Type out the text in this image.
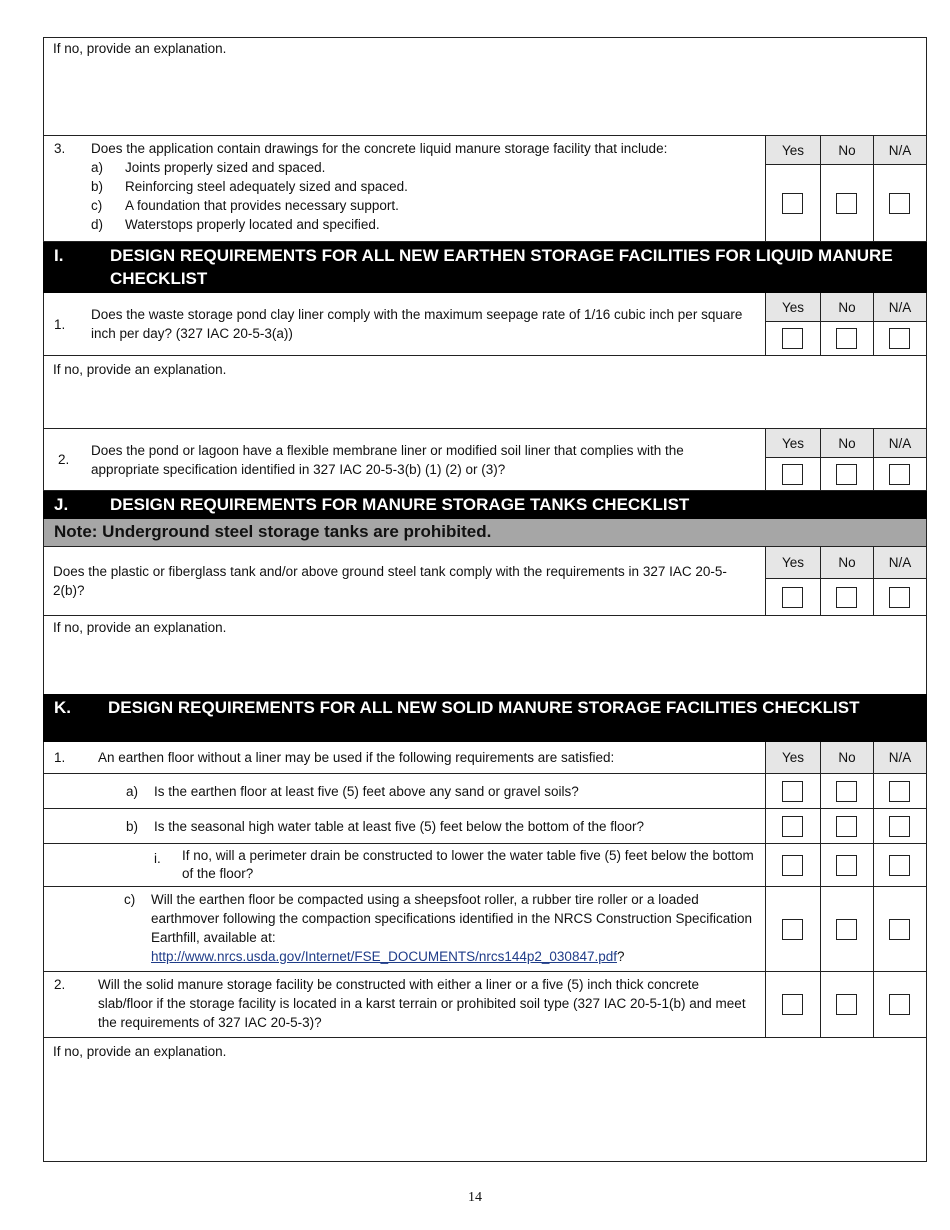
If no, provide an explanation.
3.	Does the application contain drawings for the concrete liquid manure storage facility that include:
a)	Joints properly sized and spaced.
b)	Reinforcing steel adequately sized and spaced.
c)	A foundation that provides necessary support.
d)	Waterstops properly located and specified.
Yes	No	N/A
I.	DESIGN REQUIREMENTS FOR ALL NEW EARTHEN STORAGE FACILITIES FOR LIQUID MANURE CHECKLIST
1.
Does the waste storage pond clay liner comply with the maximum seepage rate of 1/16 cubic inch per square inch per day? (327 IAC 20-5-3(a))
Yes	No	N/A
If no, provide an explanation.
2.
Does the pond or lagoon have a flexible membrane liner or modified soil liner that complies with the appropriate specification identified in 327 IAC 20-5-3(b) (1) (2) or (3)?
Yes	No	N/A
J.	DESIGN REQUIREMENTS FOR MANURE STORAGE TANKS CHECKLIST
Note: Underground steel storage tanks are prohibited.
Does the plastic or fiberglass tank and/or above ground steel tank comply with the requirements in 327 IAC 20-5-2(b)?
Yes	No	N/A
If no, provide an explanation.
K.	DESIGN REQUIREMENTS FOR ALL NEW SOLID MANURE STORAGE FACILITIES CHECKLIST
1.	An earthen floor without a liner may be used if the following requirements are satisfied:	Yes	No	N/A
a)	Is the earthen floor at least five (5) feet above any sand or gravel soils?
b)	Is the seasonal high water table at least five (5) feet below the bottom of the floor?
i.	If no, will a perimeter drain be constructed to lower the water table five (5) feet below the bottom of the floor?
c)	Will the earthen floor be compacted using a sheepsfoot roller, a rubber tire roller or a loaded earthmover following the compaction specifications identified in the NRCS Construction Specification Earthfill, available at:
http://www.nrcs.usda.gov/Internet/FSE_DOCUMENTS/nrcs144p2_030847.pdf?
2.	Will the solid manure storage facility be constructed with either a liner or a five (5) inch thick concrete slab/floor if the storage facility is located in a karst terrain or prohibited soil type (327 IAC 20-5-1(b) and meet the requirements of 327 IAC 20-5-3)?
If no, provide an explanation.
14
